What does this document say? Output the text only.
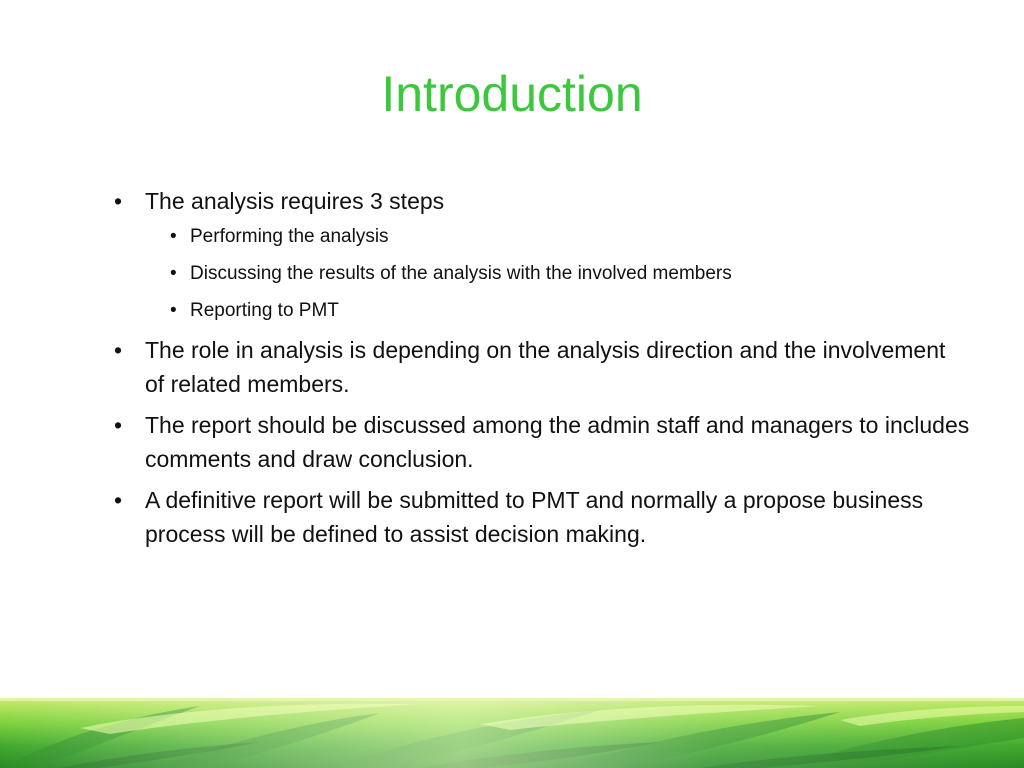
Introduction
• The analysis requires 3 steps
• Performing the analysis
• Discussing the results of the analysis with the involved members
• Reporting to PMT
• The role in analysis is depending on the analysis direction and the involvement of related members.
• The report should be discussed among the admin staff and managers to includes comments and draw conclusion.
• A definitive report will be submitted to PMT and normally a propose business process will be defined to assist decision making.
